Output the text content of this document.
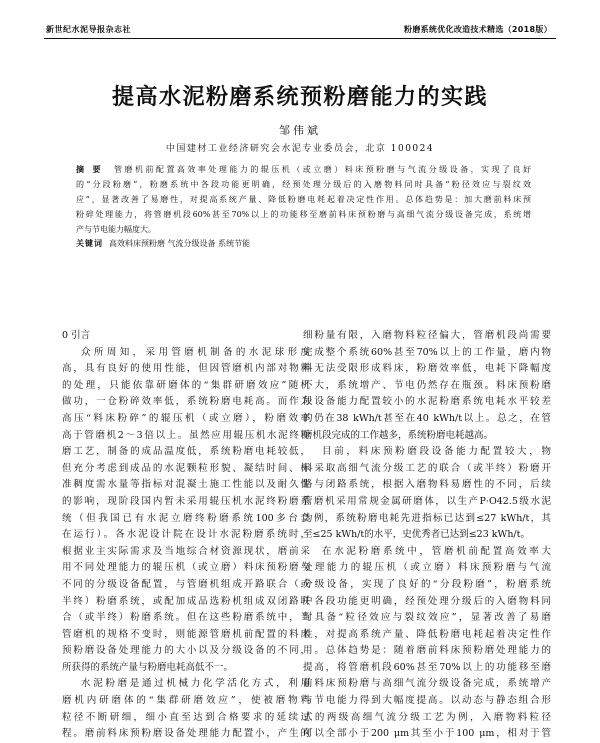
新世纪水泥导报杂志社	粉磨系统优化改造技术精选（2018版）
提高水泥粉磨系统预粉磨能力的实践
邹伟斌
中国建材工业经济研究会水泥专业委员会，北京 100024
摘要 管磨机前配置高效率处理能力的辊压机（或立磨）料床预粉磨与气流分级设备，实现了良好
的“分段粉磨”，粉磨系统中各段功能更明确，经预处理分级后的入磨物料同时具备“粉径效应与裂纹效
应”，显著改善了易磨性，对提高系统产量、降低粉磨电耗起着决定性作用。总体趋势是：加大磨前料床预
粉碎处理能力，将管磨机段60%甚至70%以上的功能移至磨前料床预粉磨与高细气流分级设备完成，系统增
产与节电能力幅度大。
关键词 高效料床预粉磨 气流分级设备 系统节能
0 引言
众所周知，采用管磨机制备的水泥球形度
高，具有良好的使用性能，但因管磨机内部对物料
的处理，只能依靠研磨体的“集群研磨效应”随机
做功，一仓粉碎效率低，系统粉磨电耗高。而作为
高压“料床粉碎”的辊压机（或立磨），粉磨效率
高于管磨机2～3倍以上。虽然应用辊压机水泥终粉
磨工艺，制备的成品温度低，系统粉磨电耗较低，
但充分考虑到成品的水泥颗粒形貌、凝结时间、标
准稠度需水量等指标对混凝土施工性能以及耐久性
的影响，现阶段国内暂未采用辊压机水泥终粉磨系
统（但我国已有水泥立磨终粉磨系统100多台套
在运行）。各水泥设计院在设计水泥粉磨系统时，
根据业主实际需求及当地综合材资源现状，磨前采
用不同处理能力的辊压机（或立磨）料床预粉磨与
不同的分级设备配置，与管磨机组成开路联合（或
半终）粉磨系统，或配加成品选粉机组成双闭路联
合（或半终）粉磨系统。但在这些粉磨系统中，当
管磨机的规格不变时，则能源管磨机前配置的料床
预粉磨设备处理能力的大小以及分级设备的不同，
所获得的系统产量与粉磨电耗高低不一。
水泥粉磨是通过机械力化学活化方式，利用
磨机内研磨体的“集群研磨效应”，使被磨物料
粒径不断研细，细小直至达到合格要求的延续过
程。磨前料床预粉磨设备处理能力配置小，产生的
细粉量有限，入磨物料粒径偏大，管磨机段尚需要
完成整个系统60%甚至70%以上的工作量，磨内物
料无法受限形成料床，粉磨效率低，电耗下降幅度
不大，系统增产、节电仍然存在瓶颈。料床预粉磨
段设备能力配置较小的水泥粉磨系统电耗水平较差
的仍在38 kWh/t甚至在40 kWh/t以上。总之，在管
磨机段完成的工作越多，系统粉磨电耗越高。
目前，料床预粉磨段设备能力配置较大，物
料采取高细气流分级工艺的联合（或半终）粉磨开
路与闭路系统，根据入磨物料易磨性的不同，后续
管磨机采用常规金属研磨体，以生产P·O42.5级水泥
为例，系统粉磨电耗先进指标已达到≤27 kWh/t，其
至≤25 kWh/t的水平，史优秀者已达到≤23 kWh/t。
在水泥粉磨系统中，管磨机前配置高效率大
处理能力的辊压机（或立磨）料床预粉磨与气流
分级设备，实现了良好的“分段粉磨”，粉磨系统
中各段功能更明确，经预处理分级后的入磨物料同
时具备“粒径效应与裂纹效应”，显著改善了易磨
性，对提高系统产量、降低粉磨电耗起着决定性作
用。总体趋势是：随着磨前料床预粉磨处理能力的
提高，将管磨机段60%甚至70%以上的功能移至磨
前料床预粉磨与高细气流分级设备完成，系统增产
与节电能力得到大幅度提高。以动态与静态组合形
式的两级高细气流分级工艺为例，入磨物料粒径
可以全部小于200 μm其至小于100 μm，相对于管
